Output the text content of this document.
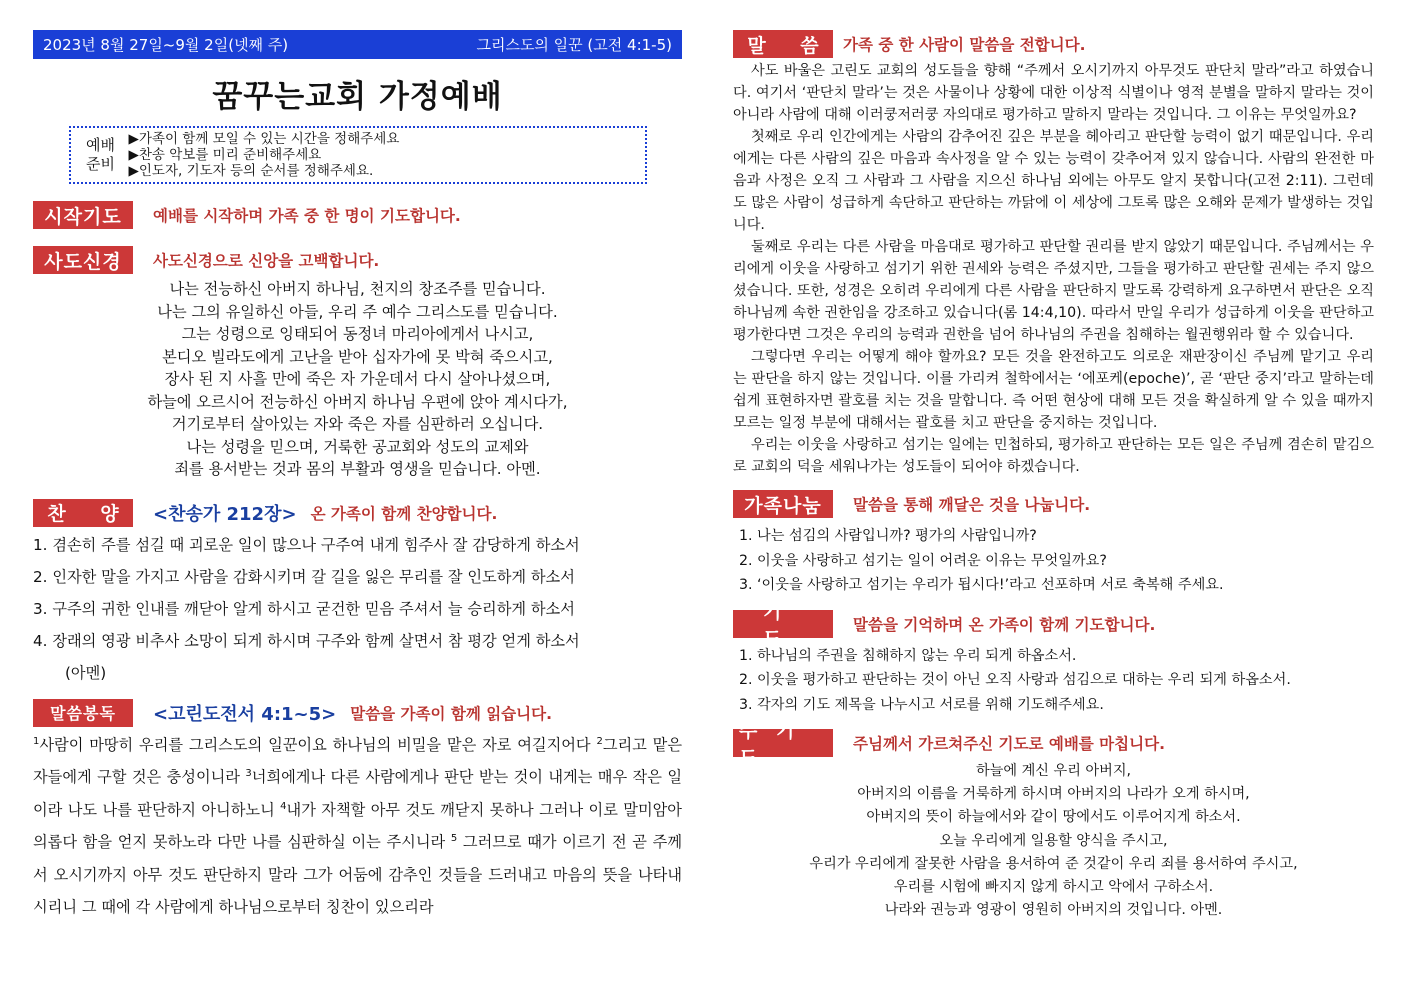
2023년 8월 27일~9월 2일(넷째 주)	그리스도의 일꾼 (고전 4:1-5)
꿈꾸는교회 가정예배
예배
준비
▶가족이 함께 모일 수 있는 시간을 정해주세요
▶찬송 악보를 미리 준비해주세요
▶인도자, 기도자 등의 순서를 정해주세요.
시작기도	예배를 시작하며 가족 중 한 명이 기도합니다.
사도신경	사도신경으로 신앙을 고백합니다.
나는 전능하신 아버지 하나님, 천지의 창조주를 믿습니다.
나는 그의 유일하신 아들, 우리 주 예수 그리스도를 믿습니다.
그는 성령으로 잉태되어 동정녀 마리아에게서 나시고,
본디오 빌라도에게 고난을 받아 십자가에 못 박혀 죽으시고,
장사 된 지 사흘 만에 죽은 자 가운데서 다시 살아나셨으며,
하늘에 오르시어 전능하신 아버지 하나님 우편에 앉아 계시다가,
거기로부터 살아있는 자와 죽은 자를 심판하러 오십니다.
나는 성령을 믿으며, 거룩한 공교회와 성도의 교제와
죄를 용서받는 것과 몸의 부활과 영생을 믿습니다. 아멘.
찬 양 <찬송가 212장> 온 가족이 함께 찬양합니다.
1. 겸손히 주를 섬길 때 괴로운 일이 많으나 구주여 내게 힘주사 잘 감당하게 하소서
2. 인자한 말을 가지고 사람을 감화시키며 갈 길을 잃은 무리를 잘 인도하게 하소서
3. 구주의 귀한 인내를 깨닫아 알게 하시고 굳건한 믿음 주셔서 늘 승리하게 하소서
4. 장래의 영광 비추사 소망이 되게 하시며 구주와 함께 살면서 참 평강 얻게 하소서
(아멘)
말씀봉독	<고린도전서 4:1~5> 말씀을 가족이 함께 읽습니다.
$^1$사람이 마땅히 우리를 그리스도의 일꾼이요 하나님의 비밀을 맡은 자로 여길지어다 $^2$그리고 맡은 자들에게 구할 것은 충성이니라 $^3$너희에게나 다른 사람에게나 판단 받는 것이 내게는 매우 작은 일이라 나도 나를 판단하지 아니하노니 $^4$내가 자책할 아무 것도 깨닫지 못하나 그러나 이로 말미암아 의롭다 함을 얻지 못하노라 다만 나를 심판하실 이는 주시니라 $^5$ 그러므로 때가 이르기 전 곧 주께서 오시기까지 아무 것도 판단하지 말라 그가 어둠에 감추인 것들을 드러내고 마음의 뜻을 나타내시리니 그 때에 각 사람에게 하나님으로부터 칭찬이 있으리라
말 씀 가족 중 한 사람이 말씀을 전합니다.

사도 바울은 고린도 교회의 성도들을 향해 “주께서 오시기까지 아무것도 판단치 말라”라고 하였습니다. 여기서 ‘판단치 말라’는 것은 사물이나 상황에 대한 이상적 식별이나 영적 분별을 말하지 말라는 것이 아니라 사람에 대해 이러쿵저러쿵 자의대로 평가하고 말하지 말라는 것입니다. 그 이유는 무엇일까요?

첫째로 우리 인간에게는 사람의 감추어진 깊은 부분을 헤아리고 판단할 능력이 없기 때문입니다. 우리에게는 다른 사람의 깊은 마음과 속사정을 알 수 있는 능력이 갖추어져 있지 않습니다. 사람의 완전한 마음과 사정은 오직 그 사람과 그 사람을 지으신 하나님 외에는 아무도 알지 못합니다(고전 2:11). 그런데도 많은 사람이 성급하게 속단하고 판단하는 까닭에 이 세상에 그토록 많은 오해와 문제가 발생하는 것입니다.

둘째로 우리는 다른 사람을 마음대로 평가하고 판단할 권리를 받지 않았기 때문입니다. 주님께서는 우리에게 이웃을 사랑하고 섬기기 위한 권세와 능력은 주셨지만, 그들을 평가하고 판단할 권세는 주지 않으셨습니다. 또한, 성경은 오히려 우리에게 다른 사람을 판단하지 말도록 강력하게 요구하면서 판단은 오직 하나님께 속한 권한임을 강조하고 있습니다(롬 14:4,10). 따라서 만일 우리가 성급하게 이웃을 판단하고 평가한다면 그것은 우리의 능력과 권한을 넘어 하나님의 주권을 침해하는 월권행위라 할 수 있습니다.

그렇다면 우리는 어떻게 해야 할까요? 모든 것을 완전하고도 의로운 재판장이신 주님께 맡기고 우리는 판단을 하지 않는 것입니다. 이를 가리켜 철학에서는 ‘에포케(epoche)’, 곧 ‘판단 중지’라고 말하는데 쉽게 표현하자면 괄호를 치는 것을 말합니다. 즉 어떤 현상에 대해 모든 것을 확실하게 알 수 있을 때까지 모르는 일정 부분에 대해서는 괄호를 치고 판단을 중지하는 것입니다.

우리는 이웃을 사랑하고 섬기는 일에는 민첩하되, 평가하고 판단하는 모든 일은 주님께 겸손히 맡김으로 교회의 덕을 세워나가는 성도들이 되어야 하겠습니다.

가족나눔	말씀을 통해 깨달은 것을 나눕니다.
1. 나는 섬김의 사람입니까? 평가의 사람입니까?
2. 이웃을 사랑하고 섬기는 일이 어려운 이유는 무엇일까요?
3. ‘이웃을 사랑하고 섬기는 우리가 됩시다!’라고 선포하며 서로 축복해 주세요.
기 도
말씀을 기억하며 온 가족이 함께 기도합니다.
1. 하나님의 주권을 침해하지 않는 우리 되게 하옵소서.
2. 이웃을 평가하고 판단하는 것이 아닌 오직 사랑과 섬김으로 대하는 우리 되게 하옵소서.
3. 각자의 기도 제목을 나누시고 서로를 위해 기도해주세요.
주 기 도
주님께서 가르쳐주신 기도로 예배를 마칩니다.
하늘에 계신 우리 아버지,
아버지의 이름을 거룩하게 하시며 아버지의 나라가 오게 하시며,
아버지의 뜻이 하늘에서와 같이 땅에서도 이루어지게 하소서.
오늘 우리에게 일용할 양식을 주시고,
우리가 우리에게 잘못한 사람을 용서하여 준 것같이 우리 죄를 용서하여 주시고,
우리를 시험에 빠지지 않게 하시고 악에서 구하소서.
나라와 권능과 영광이 영원히 아버지의 것입니다. 아멘.
